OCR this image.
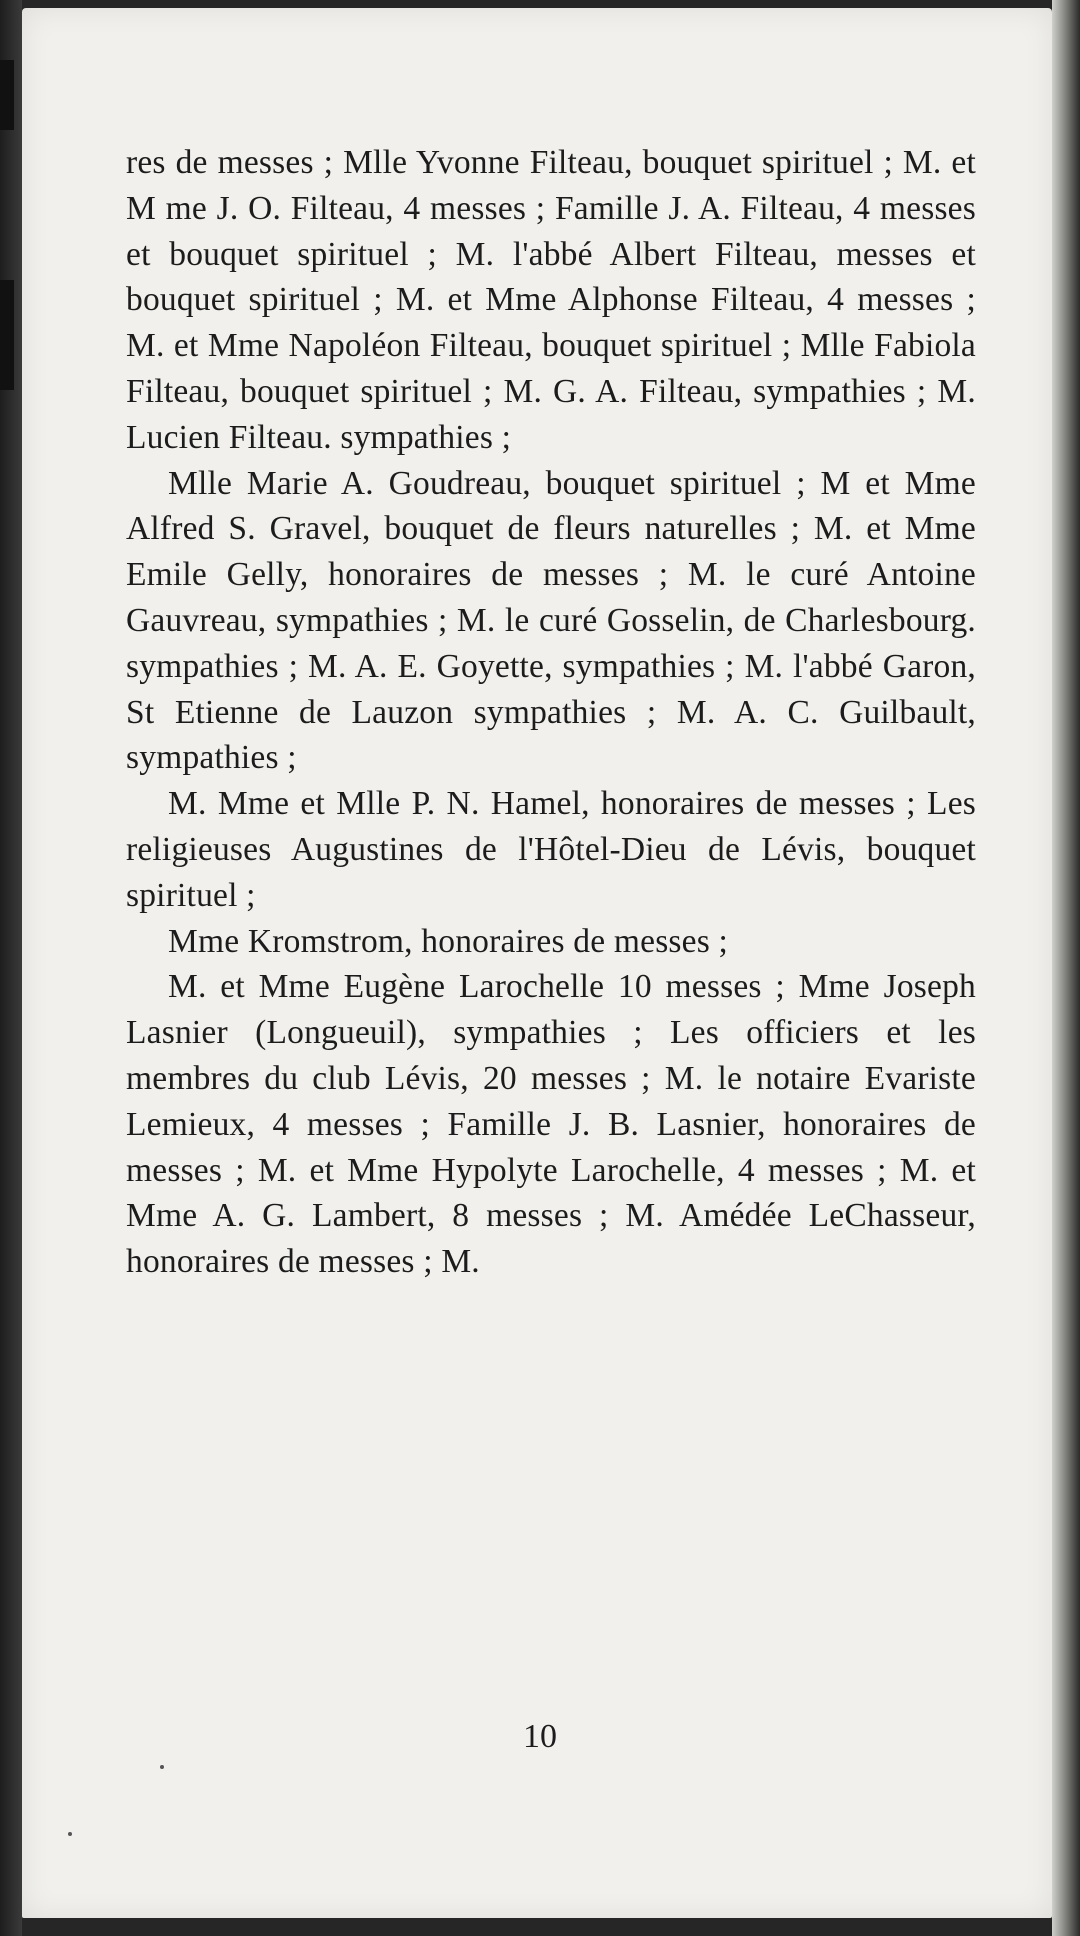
res de messes ; Mlle Yvonne Filteau, bouquet spirituel ; M. et M me J. O. Filteau, 4 messes ; Famille J. A. Filteau, 4 messes et bouquet spirituel ; M. l'abbé Albert Filteau, messes et bouquet spirituel ; M. et Mme Alphonse Filteau, 4 messes ; M. et Mme Napoléon Filteau, bouquet spirituel ; Mlle Fabiola Filteau, bouquet spirituel ; M. G. A. Filteau, sympathies ; M. Lucien Filteau. sympathies ;

Mlle Marie A. Goudreau, bouquet spirituel ; M et Mme Alfred S. Gravel, bouquet de fleurs naturelles ; M. et Mme Emile Gelly, honoraires de messes ; M. le curé Antoine Gauvreau, sympathies ; M. le curé Gosselin, de Charlesbourg. sympathies ; M. A. E. Goyette, sympathies ; M. l'abbé Garon, St Etienne de Lauzon sympathies ; M. A. C. Guilbault, sympathies ;

M. Mme et Mlle P. N. Hamel, honoraires de messes ; Les religieuses Augustines de l'Hôtel-Dieu de Lévis, bouquet spirituel ;

Mme Kromstrom, honoraires de messes ;

M. et Mme Eugène Larochelle 10 messes ; Mme Joseph Lasnier (Longueuil), sympathies ; Les officiers et les membres du club Lévis, 20 messes ; M. le notaire Evariste Lemieux, 4 messes ; Famille J. B. Lasnier, honoraires de messes ; M. et Mme Hypolyte Larochelle, 4 messes ; M. et Mme A. G. Lambert, 8 messes ; M. Amédée LeChasseur, honoraires de messes ; M.

10
